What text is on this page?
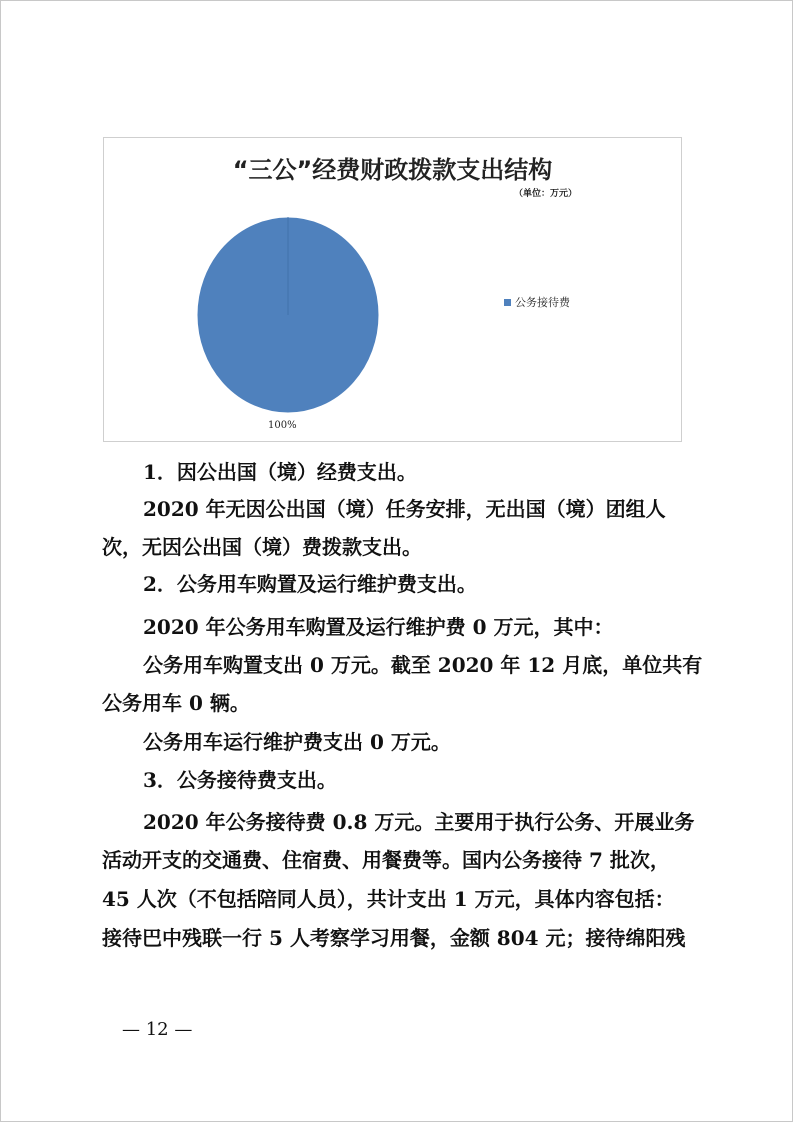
“三公”经费财政拨款支出结构
（单位：万元）
100%
公务接待费
1．因公出国（境）经费支出。
2020 年无因公出国（境）任务安排，无出国（境）团组人
次，无因公出国（境）费拨款支出。
2．公务用车购置及运行维护费支出。
2020 年公务用车购置及运行维护费 0 万元，其中：
公务用车购置支出 0 万元。截至 2020 年 12 月底，单位共有
公务用车 0 辆。
公务用车运行维护费支出 0 万元。
3．公务接待费支出。
2020 年公务接待费 0.8 万元。主要用于执行公务、开展业务
活动开支的交通费、住宿费、用餐费等。国内公务接待 7 批次，
45 人次（不包括陪同人员），共计支出 1 万元，具体内容包括：
接待巴中残联一行 5 人考察学习用餐，金额 804 元；接待绵阳残
— 12 —
